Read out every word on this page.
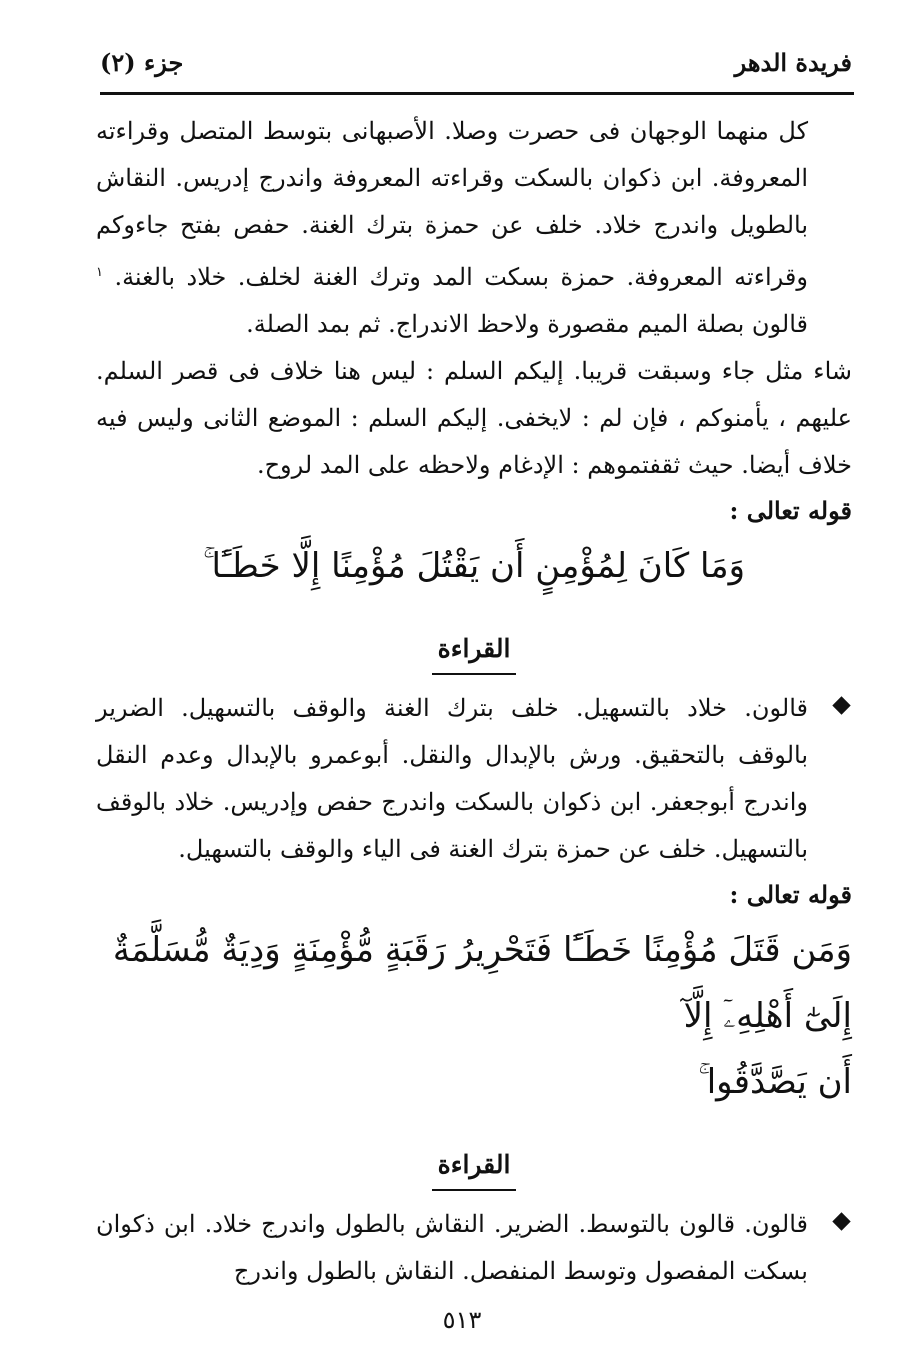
فريدة الدهر
جزء (٢)

كل منهما الوجهان فى حصرت وصلا. الأصبهانى بتوسط المتصل وقراءته المعروفة. ابن ذكوان بالسكت وقراءته المعروفة واندرج إدريس. النقاش بالطويل واندرج خلاد. خلف عن حمزة بترك الغنة. حفص بفتح جاءوكم وقراءته المعروفة. حمزة بسكت المد وترك الغنة لخلف. خلاد بالغنة. $^١$ قالون بصلة الميم مقصورة ولاحظ الاندراج. ثم بمد الصلة.

شاء مثل جاء وسبقت قريبا. إليكم السلم : ليس هنا خلاف فى قصر السلم. عليهم ، يأمنوكم ، فإن لم : لايخفى. إليكم السلم : الموضع الثانى وليس فيه خلاف أيضا. حيث ثقفتموهم : الإدغام ولاحظه على المد لروح.

قوله تعالى :

وَمَا كَانَ لِمُؤْمِنٍ أَن يَقْتُلَ مُؤْمِنًا إِلَّا خَطَـًٔا ۚ

القراءة

قالون. خلاد بالتسهيل. خلف بترك الغنة والوقف بالتسهيل. الضرير بالوقف بالتحقيق. ورش بالإبدال والنقل. أبوعمرو بالإبدال وعدم النقل واندرج أبوجعفر. ابن ذكوان بالسكت واندرج حفص وإدريس. خلاد بالوقف بالتسهيل. خلف عن حمزة بترك الغنة فى الياء والوقف بالتسهيل.

قوله تعالى :

وَمَن قَتَلَ مُؤْمِنًا خَطَـًٔا فَتَحْرِيرُ رَقَبَةٍ مُّؤْمِنَةٍ وَدِيَةٌ مُّسَلَّمَةٌ إِلَىٰٓ أَهْلِهِۦٓ إِلَّآ

أَن يَصَّدَّقُوا ۚ

القراءة

قالون. قالون بالتوسط. الضرير. النقاش بالطول واندرج خلاد. ابن ذكوان بسكت المفصول وتوسط المنفصل. النقاش بالطول واندرج
٥١٣
